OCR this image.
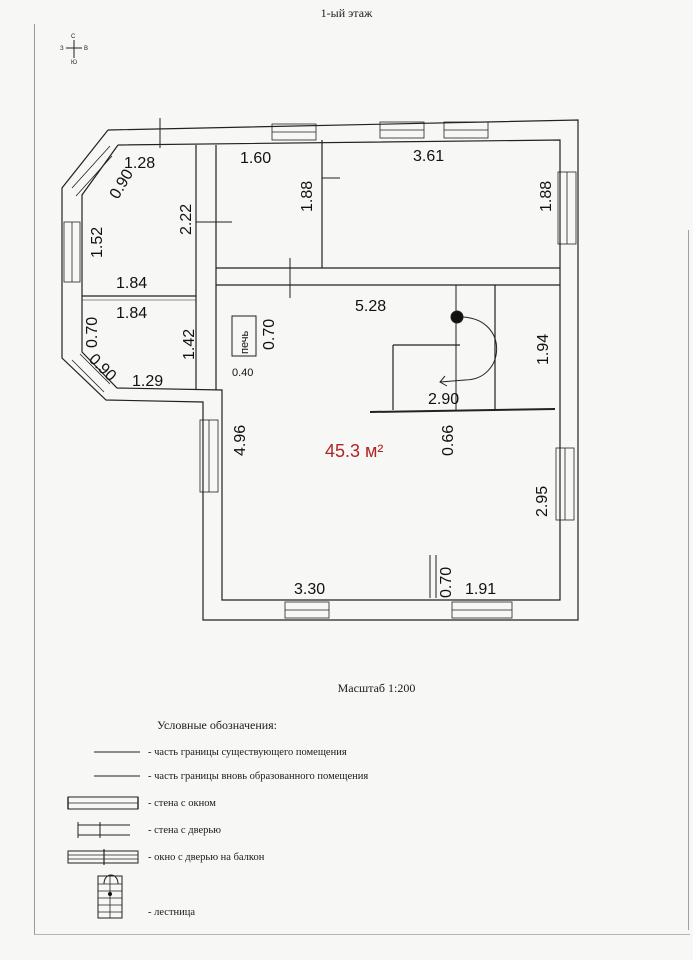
1-ый этаж
С
Ю
З	В
печь
1.28	1.60	3.61
0.90	1.88	1.88
2.22
1.52
1.84
1.84
0.70	1.42	0.70
0.90 1.29	0.40
5.28
1.94
2.90
4.96	0.66
2.95
3.30	0.70 1.91
45.3 м²
Масштаб 1:200
Условные обозначения:
- часть границы существующего помещения
- часть границы вновь образованного помещения
- стена с окном
- стена с дверью
- окно с дверью на балкон
- лестница
